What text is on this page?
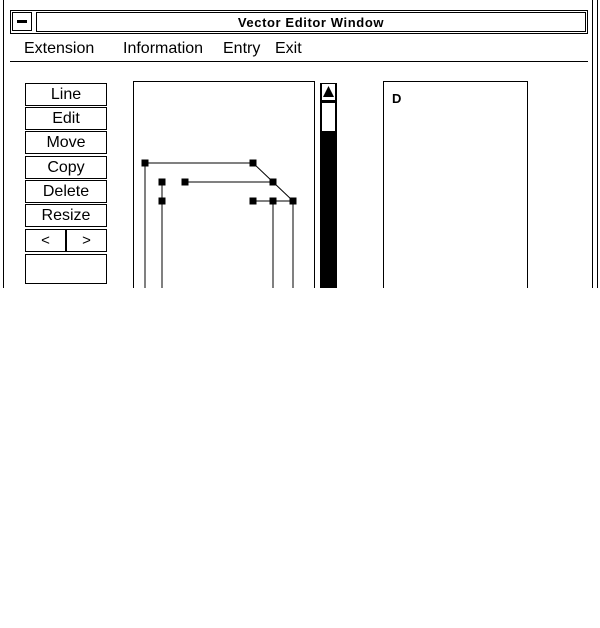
Vector Editor Window
Extension Information Entry Exit
Line
Edit
Move
Copy
Delete
Resize
<	>
D
